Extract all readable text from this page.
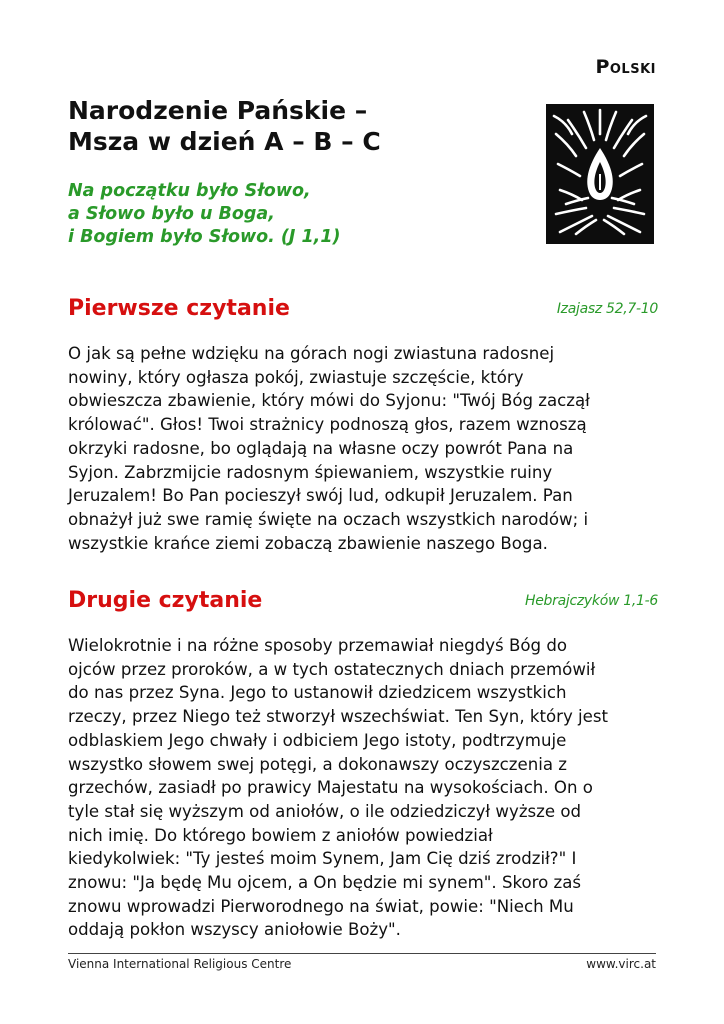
Polski
Narodzenie Pańskie –
Msza w dzień A – B – C
Na początku było Słowo,
a Słowo było u Boga,
i Bogiem było Słowo. (J 1,1)
Pierwsze czytanie	Izajasz 52,7-10
O jak są pełne wdzięku na górach nogi zwiastuna radosnej
nowiny, który ogłasza pokój, zwiastuje szczęście, który
obwieszcza zbawienie, który mówi do Syjonu: "Twój Bóg zaczął
królować". Głos! Twoi strażnicy podnoszą głos, razem wznoszą
okrzyki radosne, bo oglądają na własne oczy powrót Pana na
Syjon. Zabrzmijcie radosnym śpiewaniem, wszystkie ruiny
Jeruzalem! Bo Pan pocieszył swój lud, odkupił Jeruzalem. Pan
obnażył już swe ramię święte na oczach wszystkich narodów; i
wszystkie krańce ziemi zobaczą zbawienie naszego Boga.
Drugie czytanie	Hebrajczyków 1,1-6
Wielokrotnie i na różne sposoby przemawiał niegdyś Bóg do
ojców przez proroków, a w tych ostatecznych dniach przemówił
do nas przez Syna. Jego to ustanowił dziedzicem wszystkich
rzeczy, przez Niego też stworzył wszechświat. Ten Syn, który jest
odblaskiem Jego chwały i odbiciem Jego istoty, podtrzymuje
wszystko słowem swej potęgi, a dokonawszy oczyszczenia z
grzechów, zasiadł po prawicy Majestatu na wysokościach. On o
tyle stał się wyższym od aniołów, o ile odziedziczył wyższe od
nich imię. Do którego bowiem z aniołów powiedział
kiedykolwiek: "Ty jesteś moim Synem, Jam Cię dziś zrodził?" I
znowu: "Ja będę Mu ojcem, a On będzie mi synem". Skoro zaś
znowu wprowadzi Pierworodnego na świat, powie: "Niech Mu
oddają pokłon wszyscy aniołowie Boży".
Vienna International Religious Centre	www.virc.at
